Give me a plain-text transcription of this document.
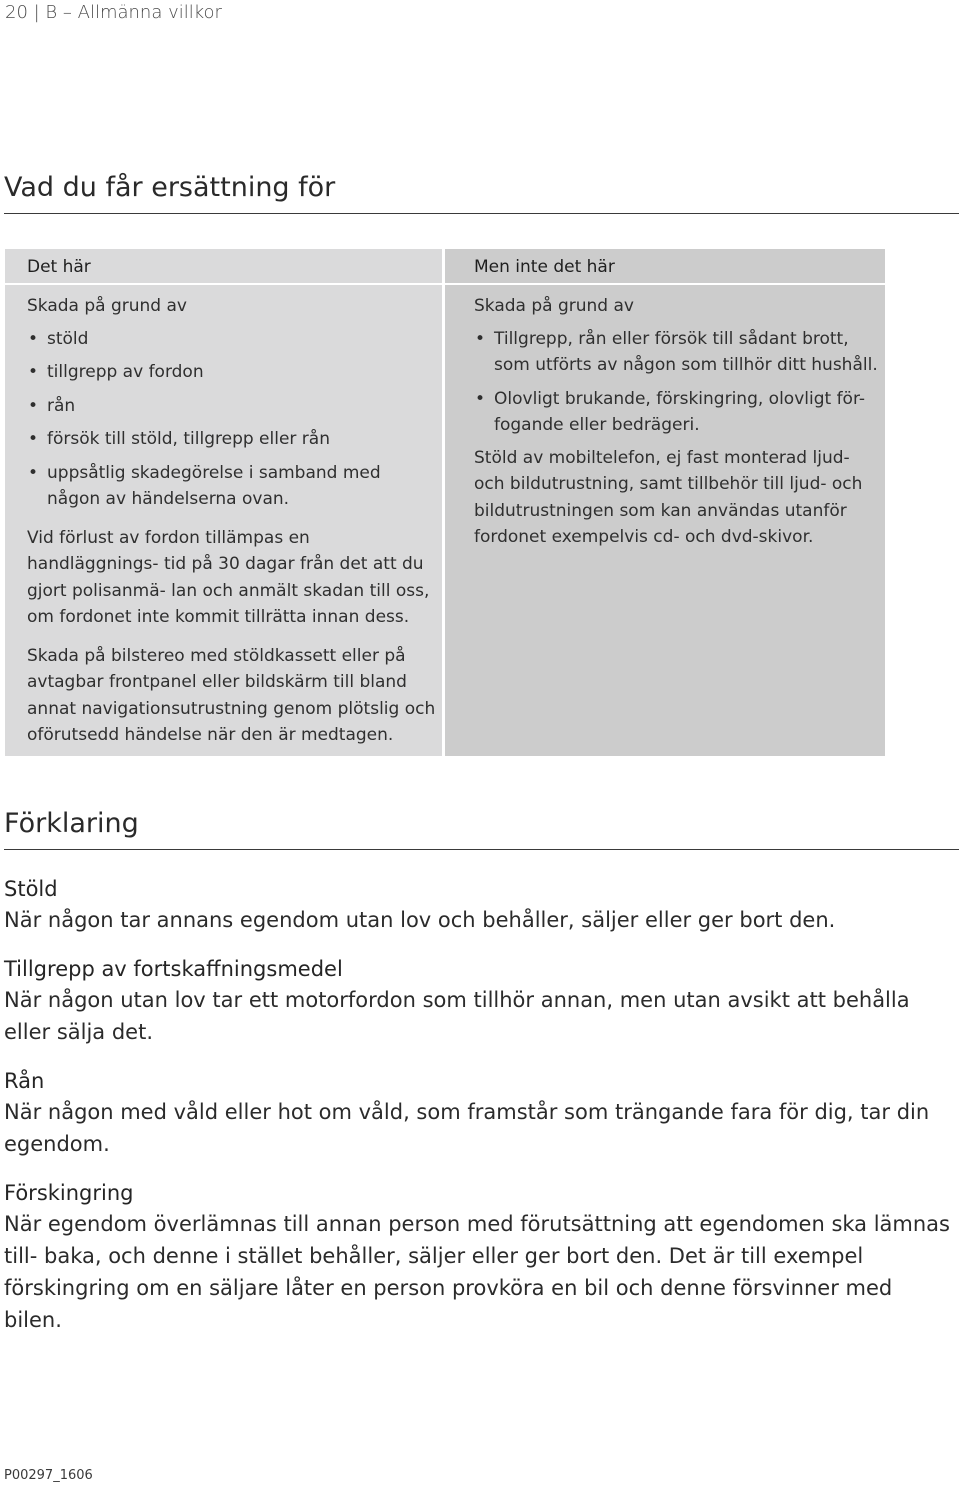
20 | B – Allmänna villkor
Vad du får ersättning för
Det här

Skada på grund av

• stöld
• tillgrepp av fordon
• rån
• försök till stöld, tillgrepp eller rån
• uppsåtlig skadegörelse i samband med någon av händelserna ovan.

Vid förlust av fordon tillämpas en handläggnings- tid på 30 dagar från det att du gjort polisanmä- lan och anmält skadan till oss, om fordonet inte kommit tillrätta innan dess.

Skada på bilstereo med stöldkassett eller på avtagbar frontpanel eller bildskärm till bland annat navigationsutrustning genom plötslig och oförutsedd händelse när den är medtagen.

Men inte det här

Skada på grund av

• Tillgrepp, rån eller försök till sådant brott, som utförts av någon som tillhör ditt hushåll.
• Olovligt brukande, förskingring, olovligt för- fogande eller bedrägeri.

Stöld av mobiltelefon, ej fast monterad ljud- och bildutrustning, samt tillbehör till ljud- och bildutrustningen som kan användas utanför fordonet exempelvis cd- och dvd-skivor.

Förklaring
Stöld

När någon tar annans egendom utan lov och behåller, säljer eller ger bort den.

Tillgrepp av fortskaffningsmedel

När någon utan lov tar ett motorfordon som tillhör annan, men utan avsikt att behålla eller sälja det.

Rån

När någon med våld eller hot om våld, som framstår som trängande fara för dig, tar din egendom.

Förskingring

När egendom överlämnas till annan person med förutsättning att egendomen ska lämnas till- baka, och denne i stället behåller, säljer eller ger bort den. Det är till exempel förskingring om en säljare låter en person provköra en bil och denne försvinner med bilen.

P00297_1606
